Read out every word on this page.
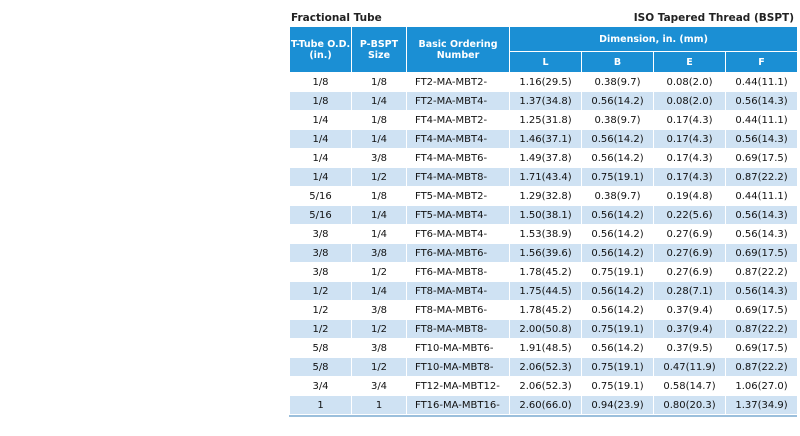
Fractional Tube	ISO Tapered Thread (BSPT)
T-Tube O.D. (in.)	P-BSPT Size	Basic Ordering Number	Dimension, in. (mm)			
			L	B	E	F
1/8	1/8	FT2-MA-MBT2-	1.16(29.5)	0.38(9.7)	0.08(2.0)	0.44(11.1)
1/8	1/4	FT2-MA-MBT4-	1.37(34.8)	0.56(14.2)	0.08(2.0)	0.56(14.3)
1/4	1/8	FT4-MA-MBT2-	1.25(31.8)	0.38(9.7)	0.17(4.3)	0.44(11.1)
1/4	1/4	FT4-MA-MBT4-	1.46(37.1)	0.56(14.2)	0.17(4.3)	0.56(14.3)
1/4	3/8	FT4-MA-MBT6-	1.49(37.8)	0.56(14.2)	0.17(4.3)	0.69(17.5)
1/4	1/2	FT4-MA-MBT8-	1.71(43.4)	0.75(19.1)	0.17(4.3)	0.87(22.2)
5/16	1/8	FT5-MA-MBT2-	1.29(32.8)	0.38(9.7)	0.19(4.8)	0.44(11.1)
5/16	1/4	FT5-MA-MBT4-	1.50(38.1)	0.56(14.2)	0.22(5.6)	0.56(14.3)
3/8	1/4	FT6-MA-MBT4-	1.53(38.9)	0.56(14.2)	0.27(6.9)	0.56(14.3)
3/8	3/8	FT6-MA-MBT6-	1.56(39.6)	0.56(14.2)	0.27(6.9)	0.69(17.5)
3/8	1/2	FT6-MA-MBT8-	1.78(45.2)	0.75(19.1)	0.27(6.9)	0.87(22.2)
1/2	1/4	FT8-MA-MBT4-	1.75(44.5)	0.56(14.2)	0.28(7.1)	0.56(14.3)
1/2	3/8	FT8-MA-MBT6-	1.78(45.2)	0.56(14.2)	0.37(9.4)	0.69(17.5)
1/2	1/2	FT8-MA-MBT8-	2.00(50.8)	0.75(19.1)	0.37(9.4)	0.87(22.2)
5/8	3/8	FT10-MA-MBT6-	1.91(48.5)	0.56(14.2)	0.37(9.5)	0.69(17.5)
5/8	1/2	FT10-MA-MBT8-	2.06(52.3)	0.75(19.1)	0.47(11.9)	0.87(22.2)
3/4	3/4	FT12-MA-MBT12-	2.06(52.3)	0.75(19.1)	0.58(14.7)	1.06(27.0)
1	1	FT16-MA-MBT16-	2.60(66.0)	0.94(23.9)	0.80(20.3)	1.37(34.9)
